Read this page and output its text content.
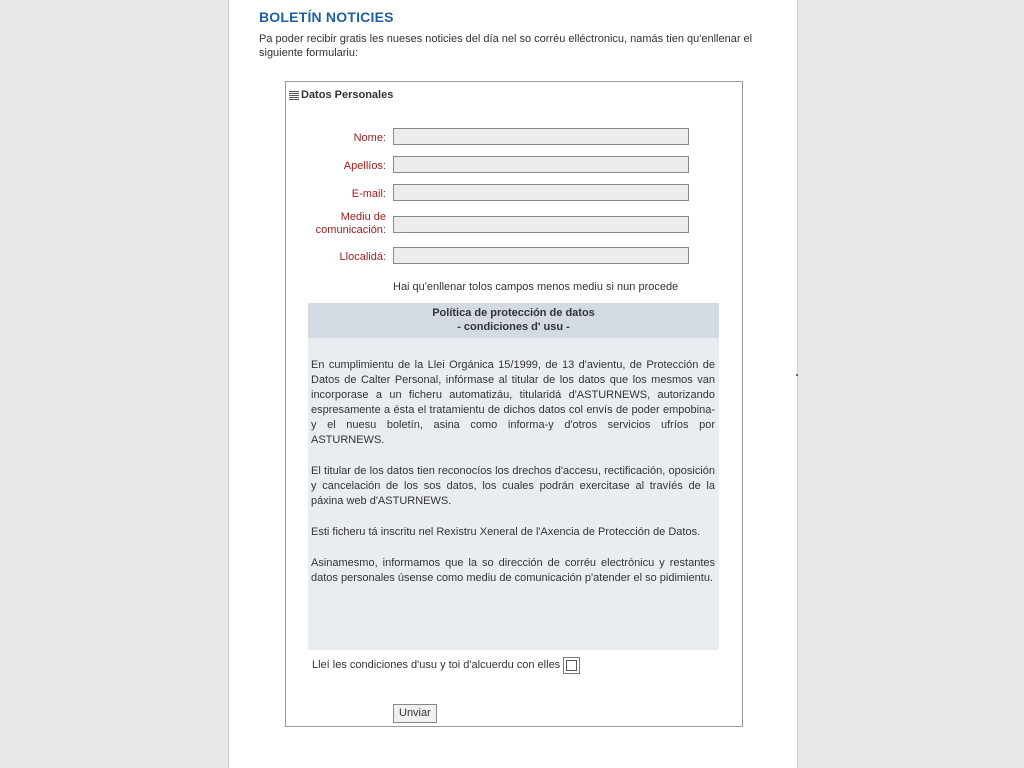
BOLETÍN NOTICIES
Pa poder recibir gratis les nueses noticies del día nel so corréu elléctronicu, namás tien qu'enllenar el siguiente formulariu:
Datos Personales
Nome:
Apellíos:
E-mail:
Mediu de comunicación:
Llocalidá:
Hai qu'enllenar tolos campos menos mediu si nun procede
Política de protección de datos
- condiciones d' usu -

En cumplimientu de la Llei Orgánica 15/1999, de 13 d'avientu, de Protección de Datos de Calter Personal, infórmase al titular de los datos que los mesmos van incorporase a un ficheru automatizáu, titularidá d'ASTURNEWS, autorizando espresamente a ésta el tratamientu de dichos datos col envís de poder empobina-y el nuesu boletín, asina como informa-y d'otros servicios ufríos por ASTURNEWS.

El titular de los datos tien reconocíos los drechos d'accesu, rectificación, oposición y cancelación de los sos datos, los cuales podrán exercitase al travíés de la páxina web d'ASTURNEWS.

Esti ficheru tá inscritu nel Rexistru Xeneral de l'Axencia de Protección de Datos.

Asinamesmo, informamos que la so dirección de corréu electrónicu y restantes datos personales úsense como mediu de comunicación p'atender el so pidimientu.

Lleí les condiciones d'usu y toi d'alcuerdu con elles
Unviar
